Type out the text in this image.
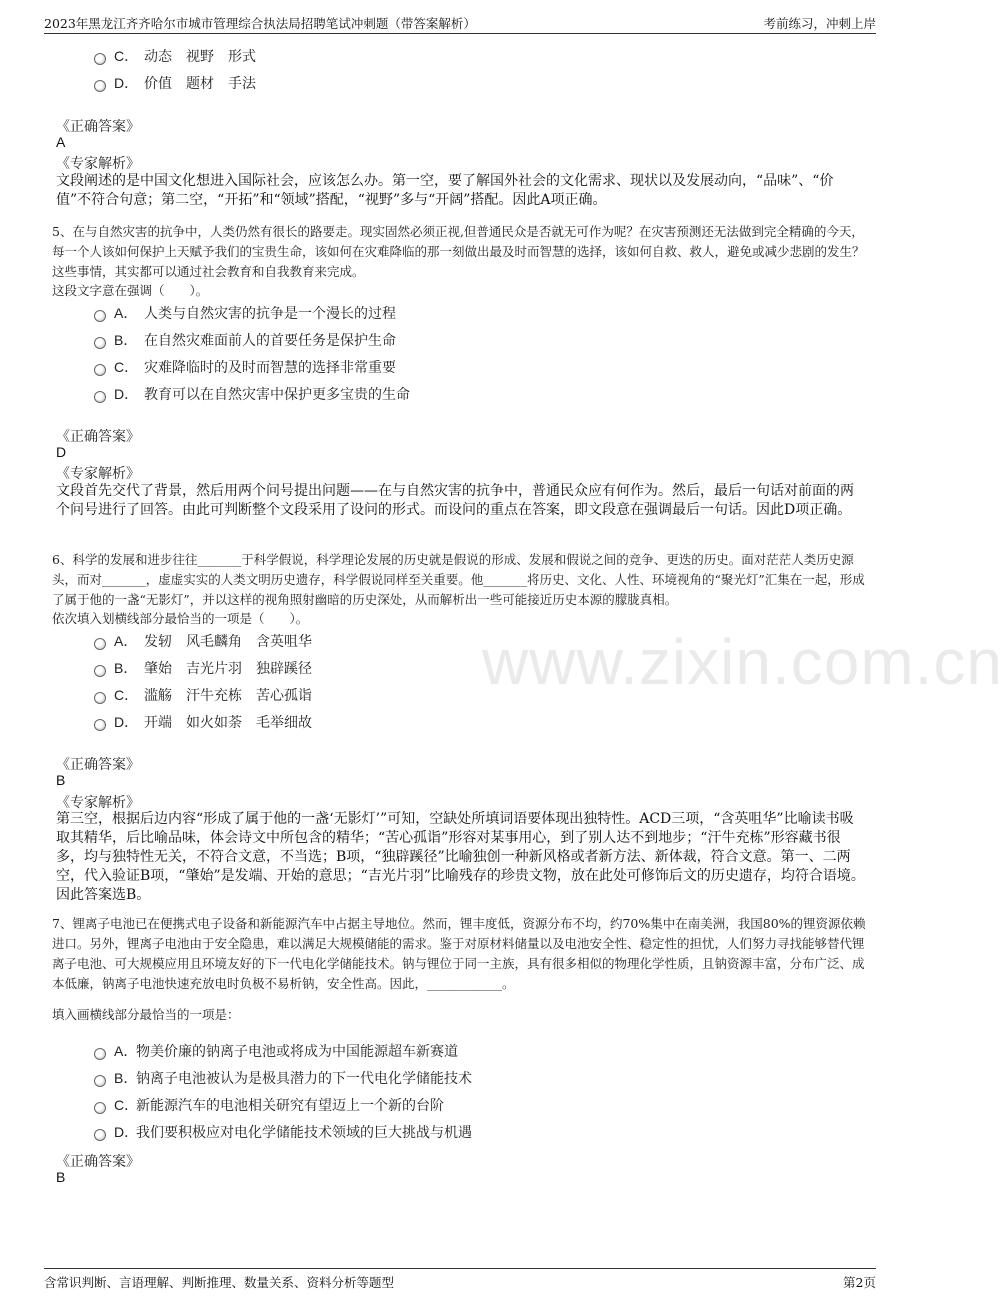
2023年黑龙江齐齐哈尔市城市管理综合执法局招聘笔试冲刺题（带答案解析）	考前练习，冲刺上岸
C． 动态　视野　形式
D． 价值　题材　手法
《正确答案》
A
《专家解析》
文段阐述的是中国文化想进入国际社会，应该怎么办。第一空，要了解国外社会的文化需求、现状以及发展动向，“品味”、“价值”不符合句意；第二空，“开拓”和“领域”搭配，“视野”多与“开阔”搭配。因此A项正确。
5、在与自然灾害的抗争中，人类仍然有很长的路要走。现实固然必须正视,但普通民众是否就无可作为呢？在灾害预测还无法做到完全精确的今天，每一个人该如何保护上天赋予我们的宝贵生命，该如何在灾难降临的那一刻做出最及时而智慧的选择，该如何自救、救人，避免或减少悲剧的发生？这些事情，其实都可以通过社会教育和自我教育来完成。
这段文字意在强调（　　）。
A． 人类与自然灾害的抗争是一个漫长的过程
B． 在自然灾难面前人的首要任务是保护生命
C． 灾难降临时的及时而智慧的选择非常重要
D． 教育可以在自然灾害中保护更多宝贵的生命
《正确答案》
D
《专家解析》
文段首先交代了背景，然后用两个问号提出问题——在与自然灾害的抗争中，普通民众应有何作为。然后，最后一句话对前面的两个问号进行了回答。由此可判断整个文段采用了设问的形式。而设问的重点在答案，即文段意在强调最后一句话。因此D项正确。
6、科学的发展和进步往往_______于科学假说，科学理论发展的历史就是假说的形成、发展和假说之间的竞争、更迭的历史。面对茫茫人类历史源头，而对_______，虚虚实实的人类文明历史遗存，科学假说同样至关重要。他_______将历史、文化、人性、环境视角的“聚光灯”汇集在一起，形成了属于他的一盏“无影灯”，并以这样的视角照射幽暗的历史深处，从而解析出一些可能接近历史本源的朦胧真相。
依次填入划横线部分最恰当的一项是（　　）。
www.zixin.com.cn
A． 发轫　风毛麟角　含英咀华
B． 肇始　吉光片羽　独辟蹊径
C． 滥觞　汗牛充栋　苦心孤诣
D． 开端　如火如荼　毛举细故
《正确答案》
B
《专家解析》
第三空，根据后边内容“形成了属于他的一盏‘无影灯’”可知，空缺处所填词语要体现出独特性。ACD三项，“含英咀华”比喻读书吸取其精华，后比喻品味，体会诗文中所包含的精华；“苦心孤诣”形容对某事用心，到了别人达不到地步；“汗牛充栋”形容藏书很多，均与独特性无关，不符合文意，不当选；B项，“独辟蹊径”比喻独创一种新风格或者新方法、新体裁，符合文意。第一、二两空，代入验证B项，“肇始”是发端、开始的意思；“吉光片羽”比喻残存的珍贵文物，放在此处可修饰后文的历史遗存，均符合语境。因此答案选B。
7、锂离子电池已在便携式电子设备和新能源汽车中占据主导地位。然而，锂丰度低，资源分布不均，约70%集中在南美洲，我国80%的锂资源依赖进口。另外，锂离子电池由于安全隐患，难以满足大规模储能的需求。鉴于对原材料储量以及电池安全性、稳定性的担忧，人们努力寻找能够替代锂离子电池、可大规模应用且环境友好的下一代电化学储能技术。钠与锂位于同一主族，具有很多相似的物理化学性质，且钠资源丰富，分布广泛、成本低廉，钠离子电池快速充放电时负极不易析钠，安全性高。因此，____________。
填入画横线部分最恰当的一项是：
A．
物美价廉的钠离子电池或将成为中国能源超车新赛道
B．
钠离子电池被认为是极具潜力的下一代电化学储能技术
C．
新能源汽车的电池相关研究有望迈上一个新的台阶
D．
我们要积极应对电化学储能技术领域的巨大挑战与机遇
《正确答案》
B
含常识判断、言语理解、判断推理、数量关系、资料分析等题型	第2页
